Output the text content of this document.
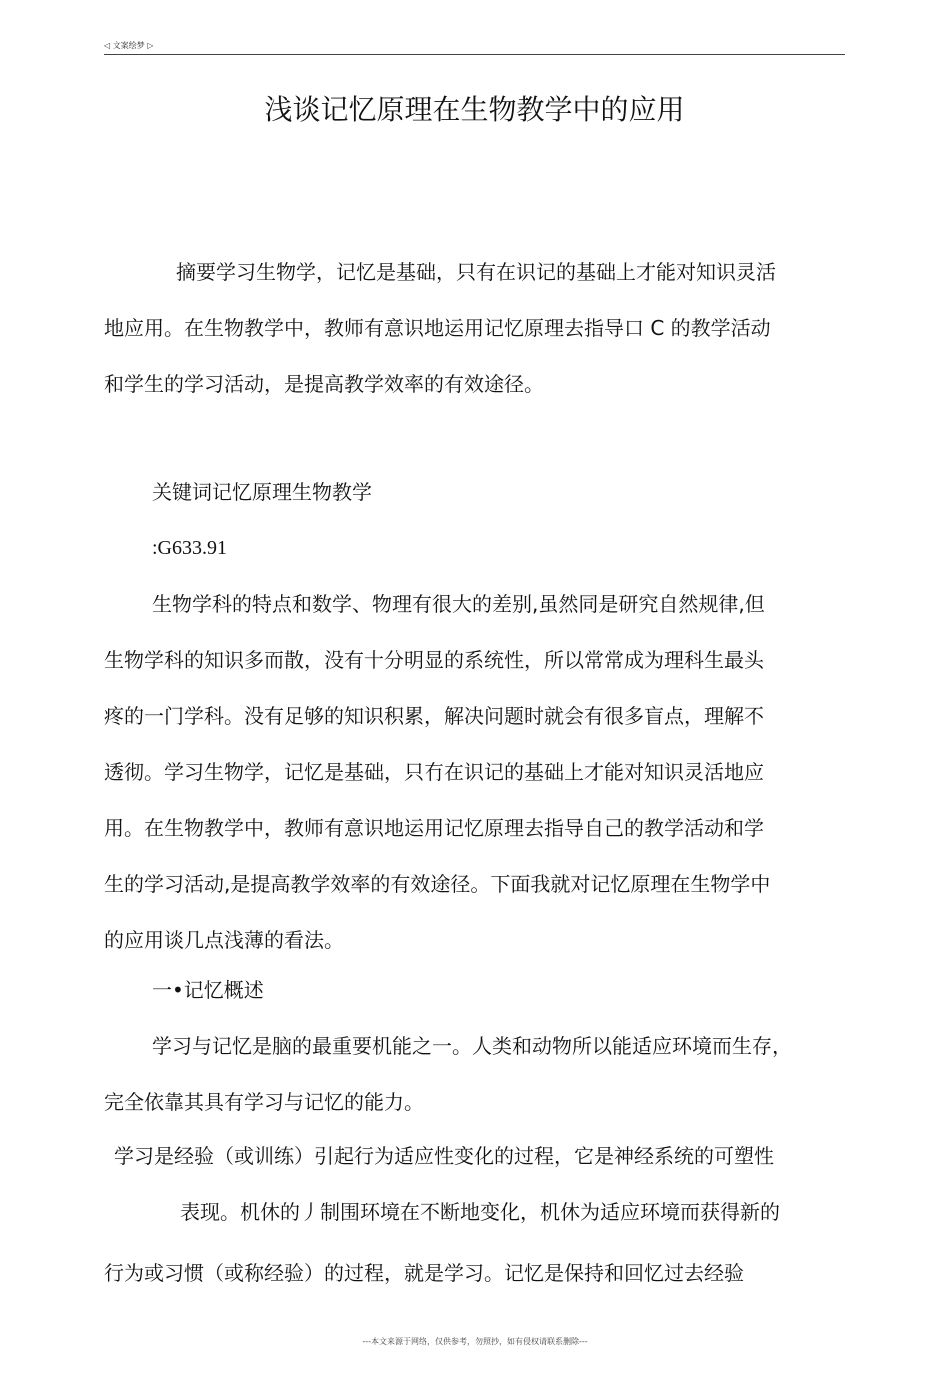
◁ 文案绘梦 ▷
浅谈记忆原理在生物教学中的应用
摘要学习生物学，记忆是基础，只有在识记的基础上才能对知识灵活
地应用。在生物教学中，教师有意识地运用记忆原理去指导口 C 的教学活动
和学生的学习活动，是提高教学效率的有效途径。
关键词记忆原理生物教学
:G633.91
生物学科的特点和数学、物理有很大的差别,虽然同是研究自然规律,但
生物学科的知识多而散，没有十分明显的系统性，所以常常成为理科生最头
疼的一门学科。没有足够的知识积累，解决问题时就会有很多盲点，理解不
透彻。学习生物学，记忆是基础，只冇在识记的基础上才能对知识灵活地应
用。在生物教学中，教师有意识地运用记忆原理去指导自己的教学活动和学
生的学习活动,是提高教学效率的有效途径。下面我就对记忆原理在生物学中
的应用谈几点浅薄的看法。
一•记忆概述
学习与记忆是脑的最重要机能之一。人类和动物所以能适应环境而生存，
完全依靠其具有学习与记忆的能力。
学习是经验（或训练）引起行为适应性变化的过程，它是神经系统的可塑性
表现。机休的丿制围环境在不断地变化，机休为适应环境而获得新的
行为或习惯（或称经验）的过程，就是学习。记忆是保持和回忆过去经验
---本文来源于网络，仅供参考，勿照抄，如有侵权请联系删除---
